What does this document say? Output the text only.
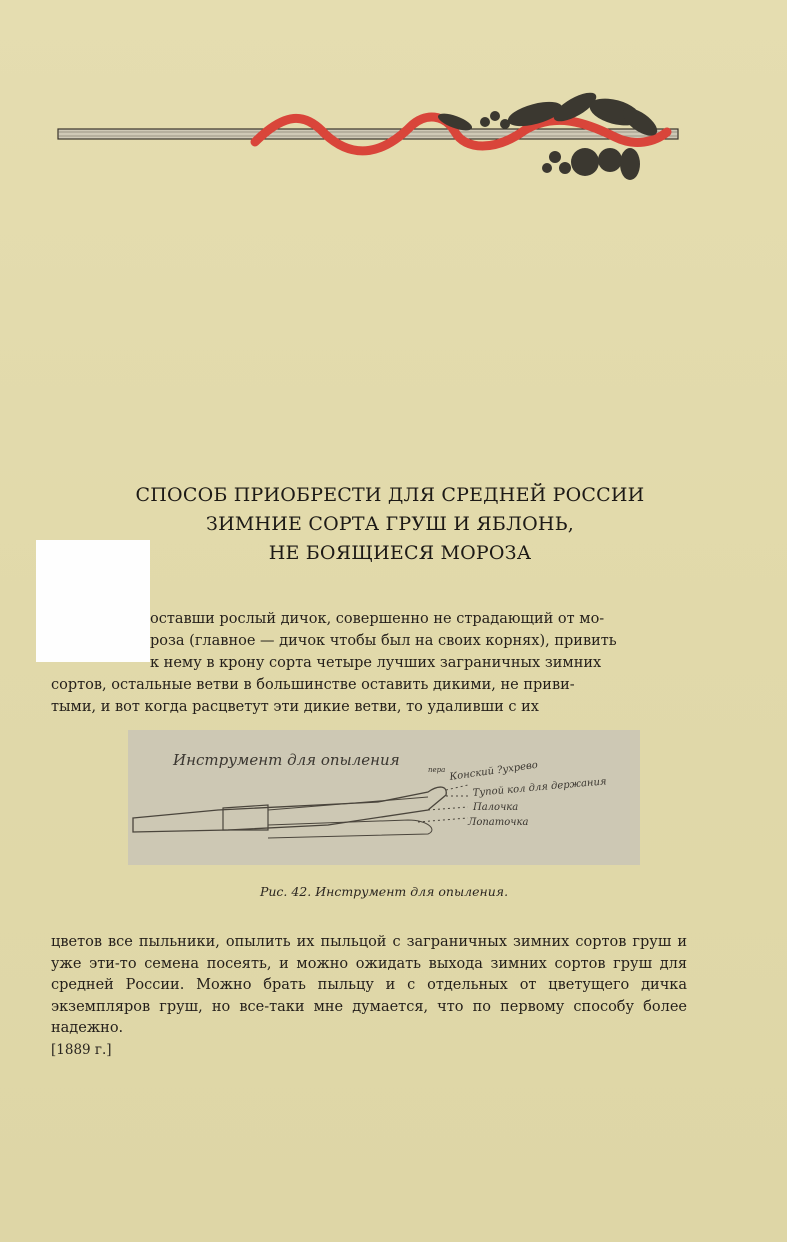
СПОСОБ ПРИОБРЕСТИ ДЛЯ СРЕДНЕЙ РОССИИ
ЗИМНИЕ СОРТА ГРУШ И ЯБЛОНЬ,
НЕ БОЯЩИЕСЯ МОРОЗА
оставши рослый дичок, совершенно не страдающий от мо-
роза (главное — дичок чтобы был на своих корнях), привить
к нему в крону сорта четыре лучших заграничных зимних
сортов, остальные ветви в большинстве оставить дикими, не приви-
тыми, и вот когда расцветут эти дикие ветви, то удаливши с их
Инструмент для опыления
пера Конский ?ухрево
Тупой кол для держания
Палочка
Лопаточка
Рис. 42. Инструмент для опыления.

цветов все пыльники, опылить их пыльцой с заграничных зимних сортов груш и уже эти-то семена посеять, и можно ожидать выхода зимних сортов груш для средней России. Можно брать пыльцу и с отдельных от цветущего дичка экземпляров груш, но все-таки мне думается, что по первому способу более надежно.

[1889 г.]
